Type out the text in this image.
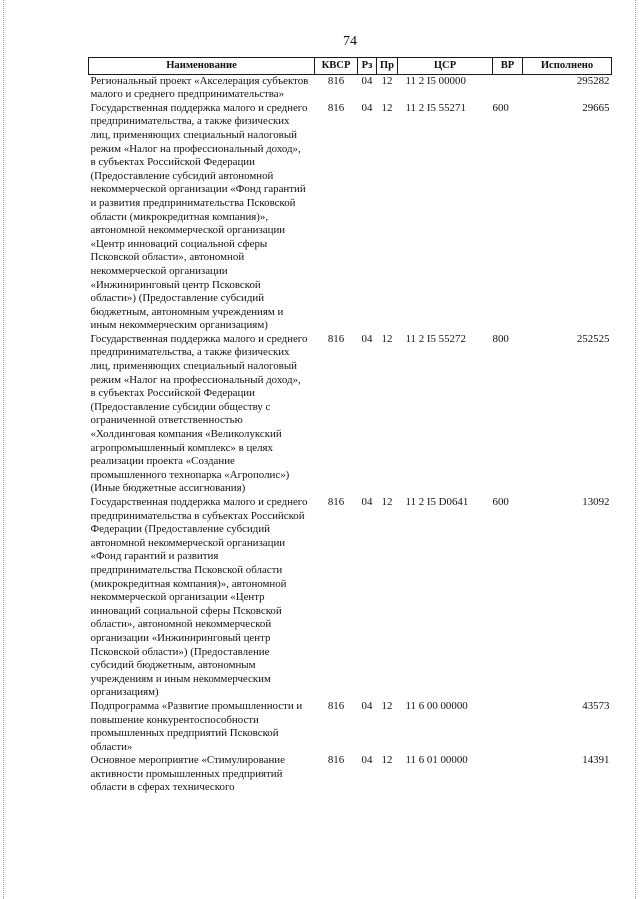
74
Наименование	КВСР	Рз	Пр	ЦСР	ВР	Исполнено
Региональный проект «Акселерация субъектов малого и среднего предпринимательства»	816	04	12	11 2 I5 00000		295282
Государственная поддержка малого и среднего предпринимательства, а также физических лиц, применяющих специальный налоговый режим «Налог на профессиональный доход», в субъектах Российской Федерации (Предоставление субсидий автономной некоммерческой организации «Фонд гарантий и развития предпринимательства Псковской области (микрокредитная компания)», автономной некоммерческой организации «Центр инноваций социальной сферы Псковской области», автономной некоммерческой организации «Инжиниринговый центр Псковской области») (Предоставление субсидий бюджетным, автономным учреждениям и иным некоммерческим организациям)	816	04	12	11 2 I5 55271	600	29665
Государственная поддержка малого и среднего предпринимательства, а также физических лиц, применяющих специальный налоговый режим «Налог на профессиональный доход», в субъектах Российской Федерации (Предоставление субсидии обществу с ограниченной ответственностью «Холдинговая компания «Великолукский агропромышленный комплекс» в целях реализации проекта «Создание промышленного технопарка «Агрополис») (Иные бюджетные ассигнования)	816	04	12	11 2 I5 55272	800	252525
Государственная поддержка малого и среднего предпринимательства в субъектах Российской Федерации (Предоставление субсидий автономной некоммерческой организации «Фонд гарантий и развития предпринимательства Псковской области (микрокредитная компания)», автономной некоммерческой организации «Центр инноваций социальной сферы Псковской области», автономной некоммерческой организации «Инжиниринговый центр Псковской области») (Предоставление субсидий бюджетным, автономным учреждениям и иным некоммерческим организациям)	816	04	12	11 2 I5 D0641	600	13092
Подпрограмма «Развитие промышленности и повышение конкурентоспособности промышленных предприятий Псковской области»	816	04	12	11 6 00 00000		43573
Основное мероприятие «Стимулирование активности промышленных предприятий области в сферах технического	816	04	12	11 6 01 00000		14391
